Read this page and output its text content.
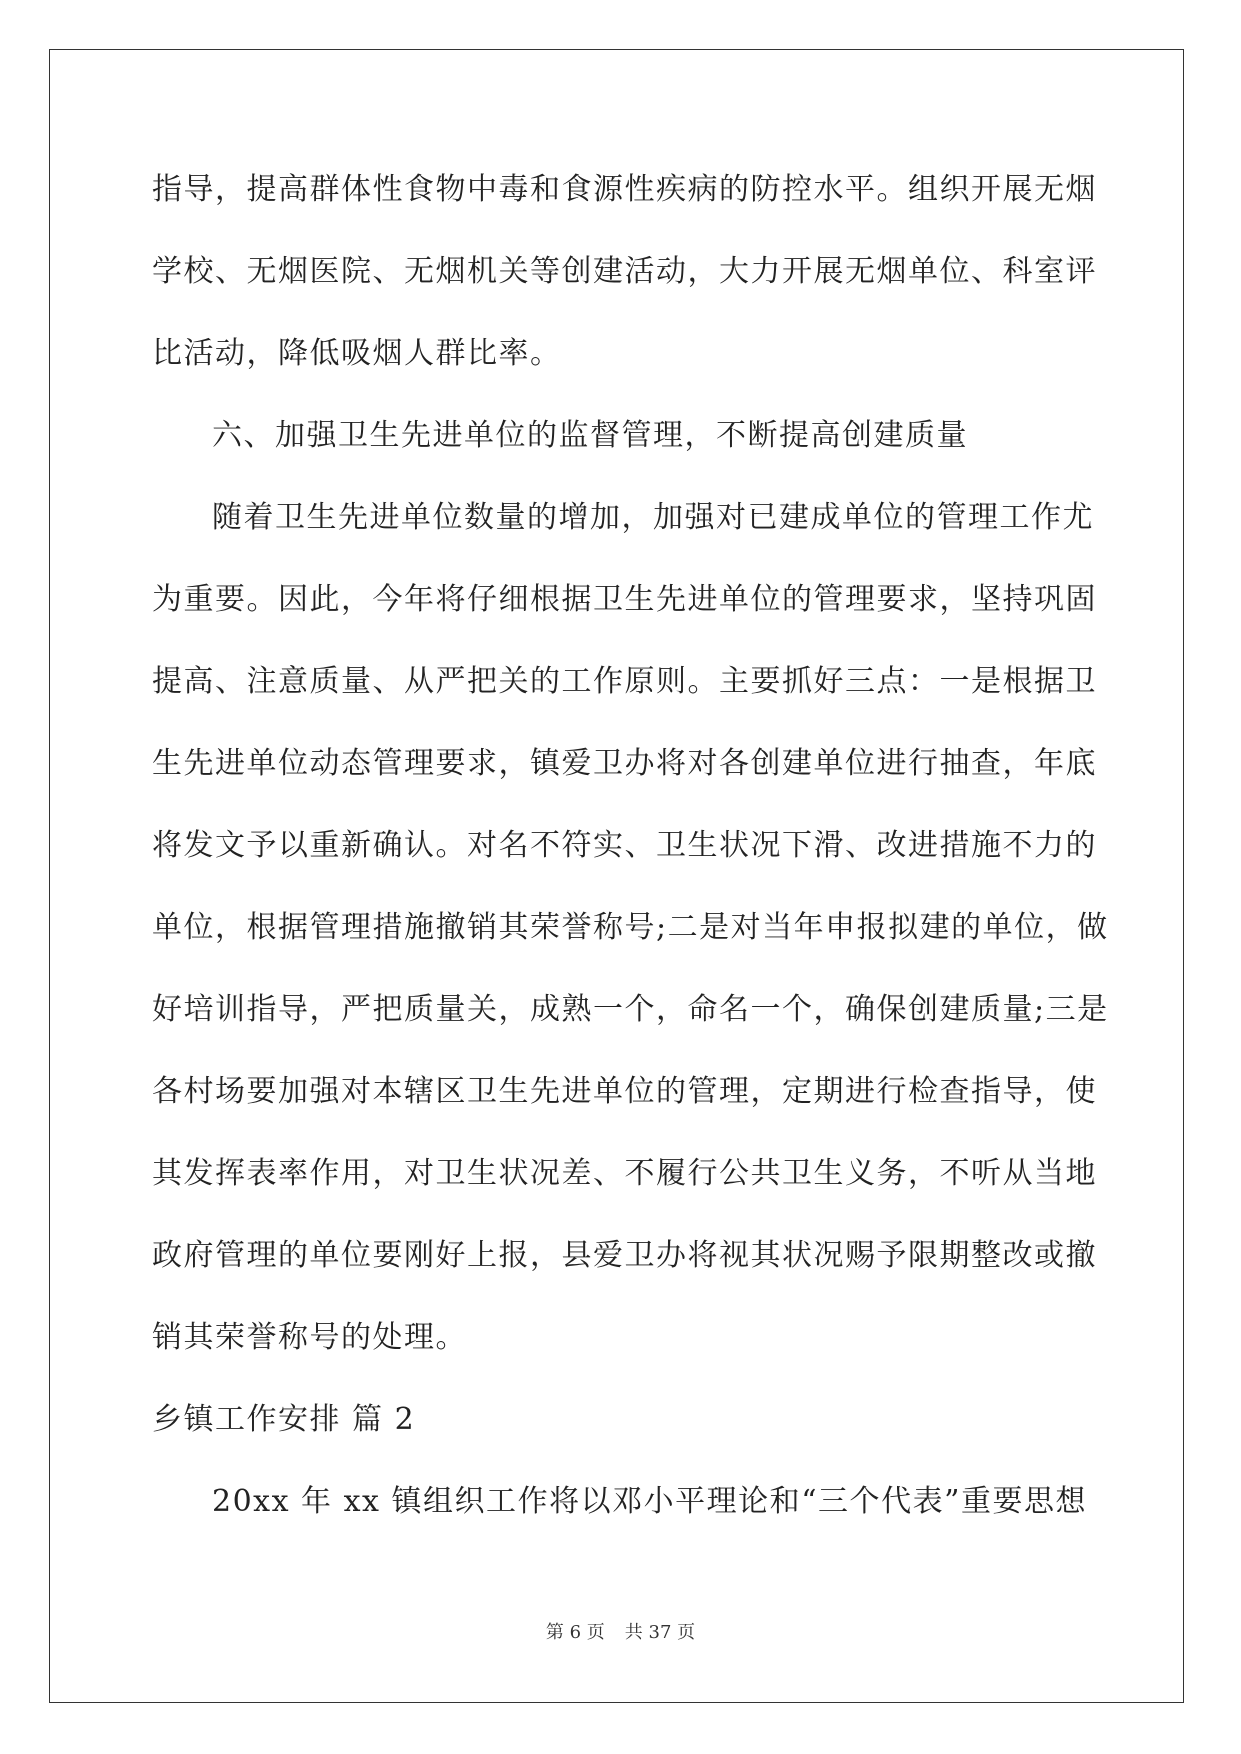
指导，提高群体性食物中毒和食源性疾病的防控水平。组织开展无烟
学校、无烟医院、无烟机关等创建活动，大力开展无烟单位、科室评
比活动，降低吸烟人群比率。
六、加强卫生先进单位的监督管理，不断提高创建质量
随着卫生先进单位数量的增加，加强对已建成单位的管理工作尤
为重要。因此，今年将仔细根据卫生先进单位的管理要求，坚持巩固
提高、注意质量、从严把关的工作原则。主要抓好三点：一是根据卫
生先进单位动态管理要求，镇爱卫办将对各创建单位进行抽查，年底
将发文予以重新确认。对名不符实、卫生状况下滑、改进措施不力的
单位，根据管理措施撤销其荣誉称号;二是对当年申报拟建的单位，做
好培训指导，严把质量关，成熟一个，命名一个，确保创建质量;三是
各村场要加强对本辖区卫生先进单位的管理，定期进行检查指导，使
其发挥表率作用，对卫生状况差、不履行公共卫生义务，不听从当地
政府管理的单位要刚好上报，县爱卫办将视其状况赐予限期整改或撤
销其荣誉称号的处理。
乡镇工作安排 篇 2
20xx 年 xx 镇组织工作将以邓小平理论和“三个代表”重要思想
第 6 页 共 37 页
